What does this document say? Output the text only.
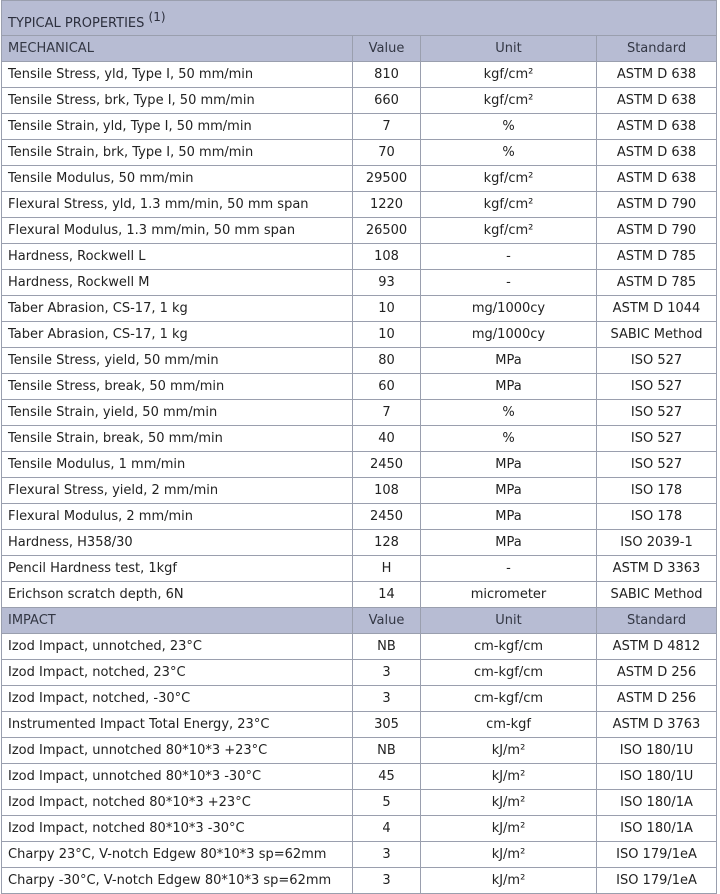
TYPICAL PROPERTIES $^{(1)}$
MECHANICAL	Value	Unit	Standard
Tensile Stress, yld, Type I, 50 mm/min	810	kgf/cm²	ASTM D 638
Tensile Stress, brk, Type I, 50 mm/min	660	kgf/cm²	ASTM D 638
Tensile Strain, yld, Type I, 50 mm/min	7	%	ASTM D 638
Tensile Strain, brk, Type I, 50 mm/min	70	%	ASTM D 638
Tensile Modulus, 50 mm/min	29500	kgf/cm²	ASTM D 638
Flexural Stress, yld, 1.3 mm/min, 50 mm span	1220	kgf/cm²	ASTM D 790
Flexural Modulus, 1.3 mm/min, 50 mm span	26500	kgf/cm²	ASTM D 790
Hardness, Rockwell L	108	-	ASTM D 785
Hardness, Rockwell M	93	-	ASTM D 785
Taber Abrasion, CS-17, 1 kg	10	mg/1000cy	ASTM D 1044
Taber Abrasion, CS-17, 1 kg	10	mg/1000cy	SABIC Method
Tensile Stress, yield, 50 mm/min	80	MPa	ISO 527
Tensile Stress, break, 50 mm/min	60	MPa	ISO 527
Tensile Strain, yield, 50 mm/min	7	%	ISO 527
Tensile Strain, break, 50 mm/min	40	%	ISO 527
Tensile Modulus, 1 mm/min	2450	MPa	ISO 527
Flexural Stress, yield, 2 mm/min	108	MPa	ISO 178
Flexural Modulus, 2 mm/min	2450	MPa	ISO 178
Hardness, H358/30	128	MPa	ISO 2039-1
Pencil Hardness test, 1kgf	H	-	ASTM D 3363
Erichson scratch depth, 6N	14	micrometer	SABIC Method
IMPACT	Value	Unit	Standard
Izod Impact, unnotched, 23°C	NB	cm-kgf/cm	ASTM D 4812
Izod Impact, notched, 23°C	3	cm-kgf/cm	ASTM D 256
Izod Impact, notched, -30°C	3	cm-kgf/cm	ASTM D 256
Instrumented Impact Total Energy, 23°C	305	cm-kgf	ASTM D 3763
Izod Impact, unnotched 80*10*3 +23°C	NB	kJ/m²	ISO 180/1U
Izod Impact, unnotched 80*10*3 -30°C	45	kJ/m²	ISO 180/1U
Izod Impact, notched 80*10*3 +23°C	5	kJ/m²	ISO 180/1A
Izod Impact, notched 80*10*3 -30°C	4	kJ/m²	ISO 180/1A
Charpy 23°C, V-notch Edgew 80*10*3 sp=62mm	3	kJ/m²	ISO 179/1eA
Charpy -30°C, V-notch Edgew 80*10*3 sp=62mm	3	kJ/m²	ISO 179/1eA
